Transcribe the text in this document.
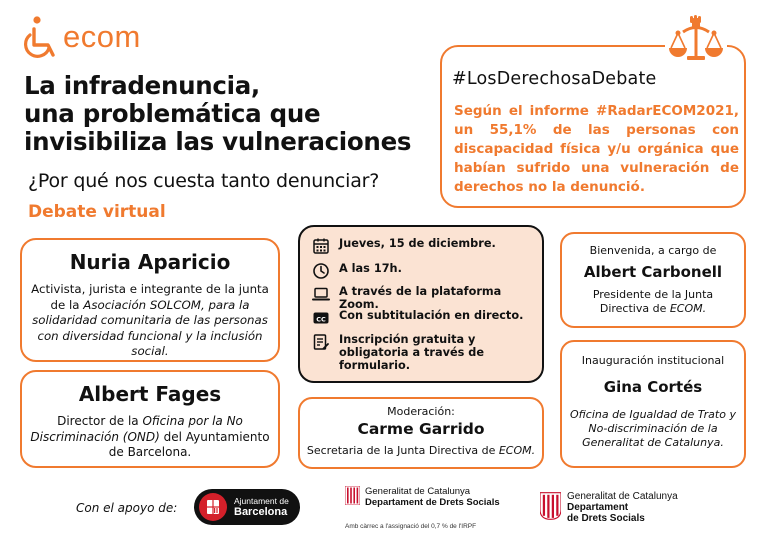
ecom
La infradenuncia,
una problemática que
invisibiliza las vulneraciones
¿Por qué nos cuesta tanto denunciar?
Debate virtual
#LosDerechosaDebate
Según el informe #RadarECOM2021, un 55,1% de las personas con discapacidad física y/u orgánica que habían sufrido una vulneración de derechos no la denunció.
Nuria Aparicio
Activista, jurista e integrante de la junta de la Asociación SOLCOM, para la solidaridad comunitaria de las personas con diversidad funcional y la inclusión social.
Albert Fages
Director de la Oficina por la No Discriminación (OND) del Ayuntamiento de Barcelona.
Jueves, 15 de diciembre.
A las 17h.
A través de la plataforma Zoom.
CC Con subtitulación en directo.
Inscripción gratuita y obligatoria a través de formulario.
Moderación:
Carme Garrido
Secretaria de la Junta Directiva de ECOM.
Bienvenida, a cargo de
Albert Carbonell
Presidente de la Junta Directiva de ECOM.
Inauguración institucional
Gina Cortés
Oficina de Igualdad de Trato y No-discriminación de la Generalitat de Catalunya.
Con el apoyo de:	Ajuntament de
Barcelona
Generalitat de Catalunya
Departament de Drets Socials
Amb càrrec a l'assignació del 0,7 % de l'IRPF
Generalitat de Catalunya
Departament
de Drets Socials
